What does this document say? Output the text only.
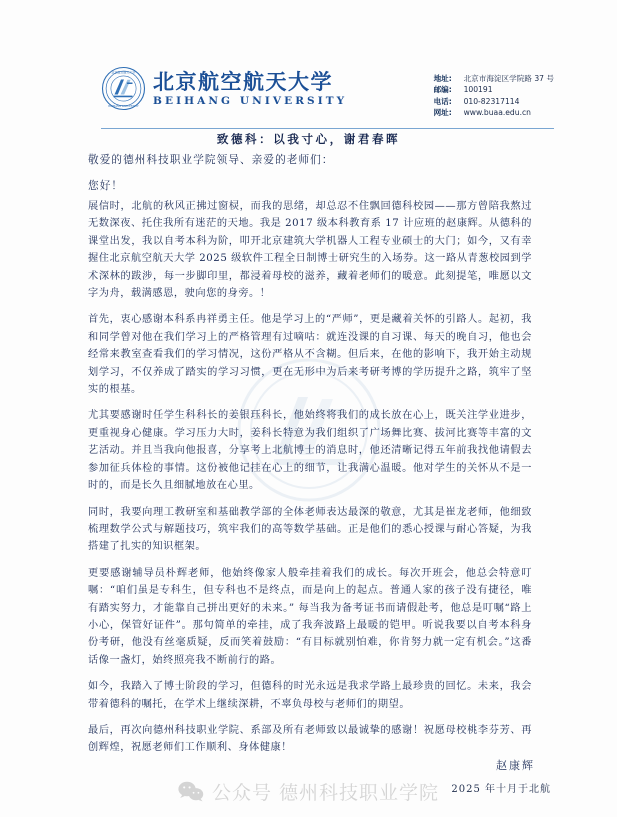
北京航空航天大学
BEIHANG UNIVERSITY
北京航空航天大学
BEIHANG UNIVERSITY
地址:	北京市海淀区学院路 37 号
邮编:	100191
电话:	010-82317114
网址:	www.buaa.edu.cn
致德科：以我寸心，谢君春晖
敬爱的德州科技职业学院领导、亲爱的老师们：
您好！

展信时，北航的秋风正拂过窗棂，而我的思绪，却总忍不住飘回德科校园——那方曾陪我熬过无数深夜、托住我所有迷茫的天地。我是 2017 级本科教育系 17 计应班的赵康辉。从德科的课堂出发，我以自考本科为阶，叩开北京建筑大学机器人工程专业硕士的大门；如今，又有幸握住北京航空航天大学 2025 级软件工程全日制博士研究生的入场券。这一路从青葱校园到学术深林的跋涉，每一步脚印里，都浸着母校的滋养，藏着老师们的暖意。此刻提笔，唯愿以文字为舟，载满感恩，驶向您的身旁。！

首先，衷心感谢本科系冉祥勇主任。他是学习上的“严师”，更是藏着关怀的引路人。起初，我和同学曾对他在我们学习上的严格管理有过嘀咕：就连没课的自习课、每天的晚自习，他也会经常来教室查看我们的学习情况，这份严格从不含糊。但后来，在他的影响下，我开始主动规划学习，不仅养成了踏实的学习习惯，更在无形中为后来考研考博的学历提升之路，筑牢了坚实的根基。

尤其要感谢时任学生科科长的姜银珏科长，他始终将我们的成长放在心上，既关注学业进步，更重视身心健康。学习压力大时，姜科长特意为我们组织了广场舞比赛、拔河比赛等丰富的文艺活动。并且当我向他报喜，分享考上北航博士的消息时，他还清晰记得五年前我找他请假去参加征兵体检的事情。这份被他记挂在心上的细节，让我满心温暖。他对学生的关怀从不是一时的，而是长久且细腻地放在心里。

同时，我要向理工教研室和基础教学部的全体老师表达最深的敬意，尤其是崔龙老师，他细致梳理数学公式与解题技巧，筑牢我们的高等数学基础。正是他们的悉心授课与耐心答疑，为我搭建了扎实的知识框架。

更要感谢辅导员朴辉老师，他始终像家人般牵挂着我们的成长。每次开班会，他总会特意叮嘱：“咱们虽是专科生，但专科也不是终点，而是向上的起点。普通人家的孩子没有捷径，唯有踏实努力，才能靠自己拼出更好的未来。” 每当我为备考证书而请假赴考，他总是叮嘱“路上小心，保管好证件”。那句简单的牵挂，成了我奔波路上最暖的铠甲。听说我要以自考本科身份考研，他没有丝毫质疑，反而笑着鼓励：“有目标就别怕难，你肯努力就一定有机会。”这番话像一盏灯，始终照亮我不断前行的路。

如今，我踏入了博士阶段的学习，但德科的时光永远是我求学路上最珍贵的回忆。未来，我会带着德科的嘱托，在学术上继续深耕，不辜负母校与老师们的期望。

最后，再次向德州科技职业学院、系部及所有老师致以最诚挚的感谢！祝愿母校桃李芬芳、再创辉煌，祝愿老师们工作顺利、身体健康！

赵康辉
2025 年十月于北航
公众号 德州科技职业学院
